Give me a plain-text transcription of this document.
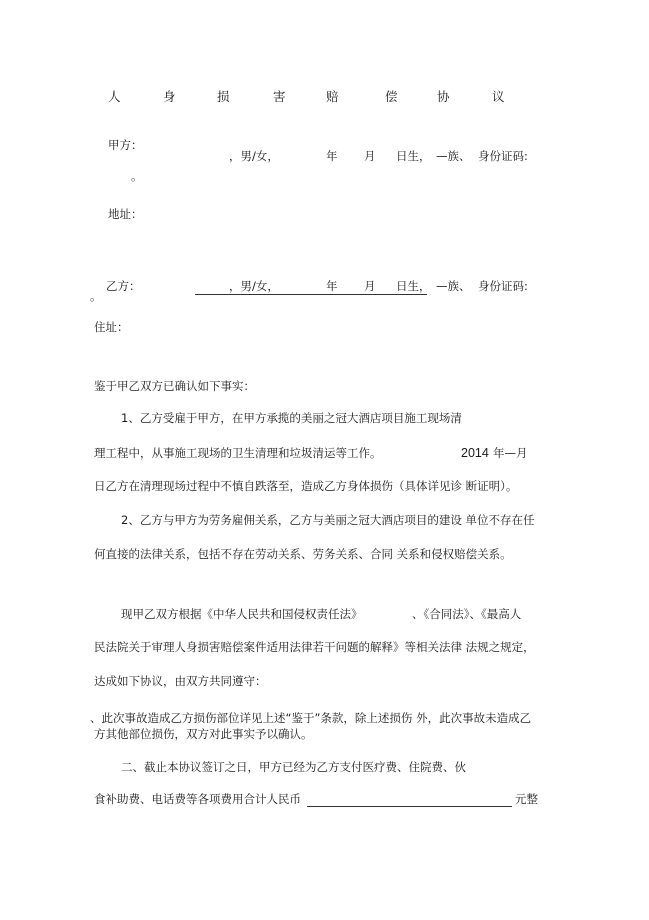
人	身	损	害	赔	偿	协	议
甲方：
，男/女，	年 月 日生， —族、 身份证码:
。
地址：
乙方：	，男/女，	年 月 日生， —族、 身份证码:
。
住址：
鉴于甲乙双方已确认如下事实：
1、乙方受雇于甲方，在甲方承揽的美丽之冠大酒店项目施工现场清
理工程中，从事施工现场的卫生清理和垃圾清运等工作。	2014 年—月
日乙方在清理现场过程中不慎自跌落至，造成乙方身体损伤（具体详见诊 断证明）。
2、乙方与甲方为劳务雇佣关系，乙方与美丽之冠大酒店项目的建设 单位不存在任
何直接的法律关系，包括不存在劳动关系、劳务关系、合同 关系和侵权赔偿关系。
现甲乙双方根据《中华人民共和国侵权责任法》	、《合同法》、《最高人
民法院关于审理人身损害赔偿案件适用法律若干问题的解释》等相关法律 法规之规定，
达成如下协议，由双方共同遵守：
、此次事故造成乙方损伤部位详见上述“鉴于”条款，除上述损伤 外，此次事故未造成乙
方其他部位损伤，双方对此事实予以确认。
二、截止本协议签订之日，甲方已经为乙方支付医疗费、住院费、伙
食补助费、电话费等各项费用合计人民币	元整
